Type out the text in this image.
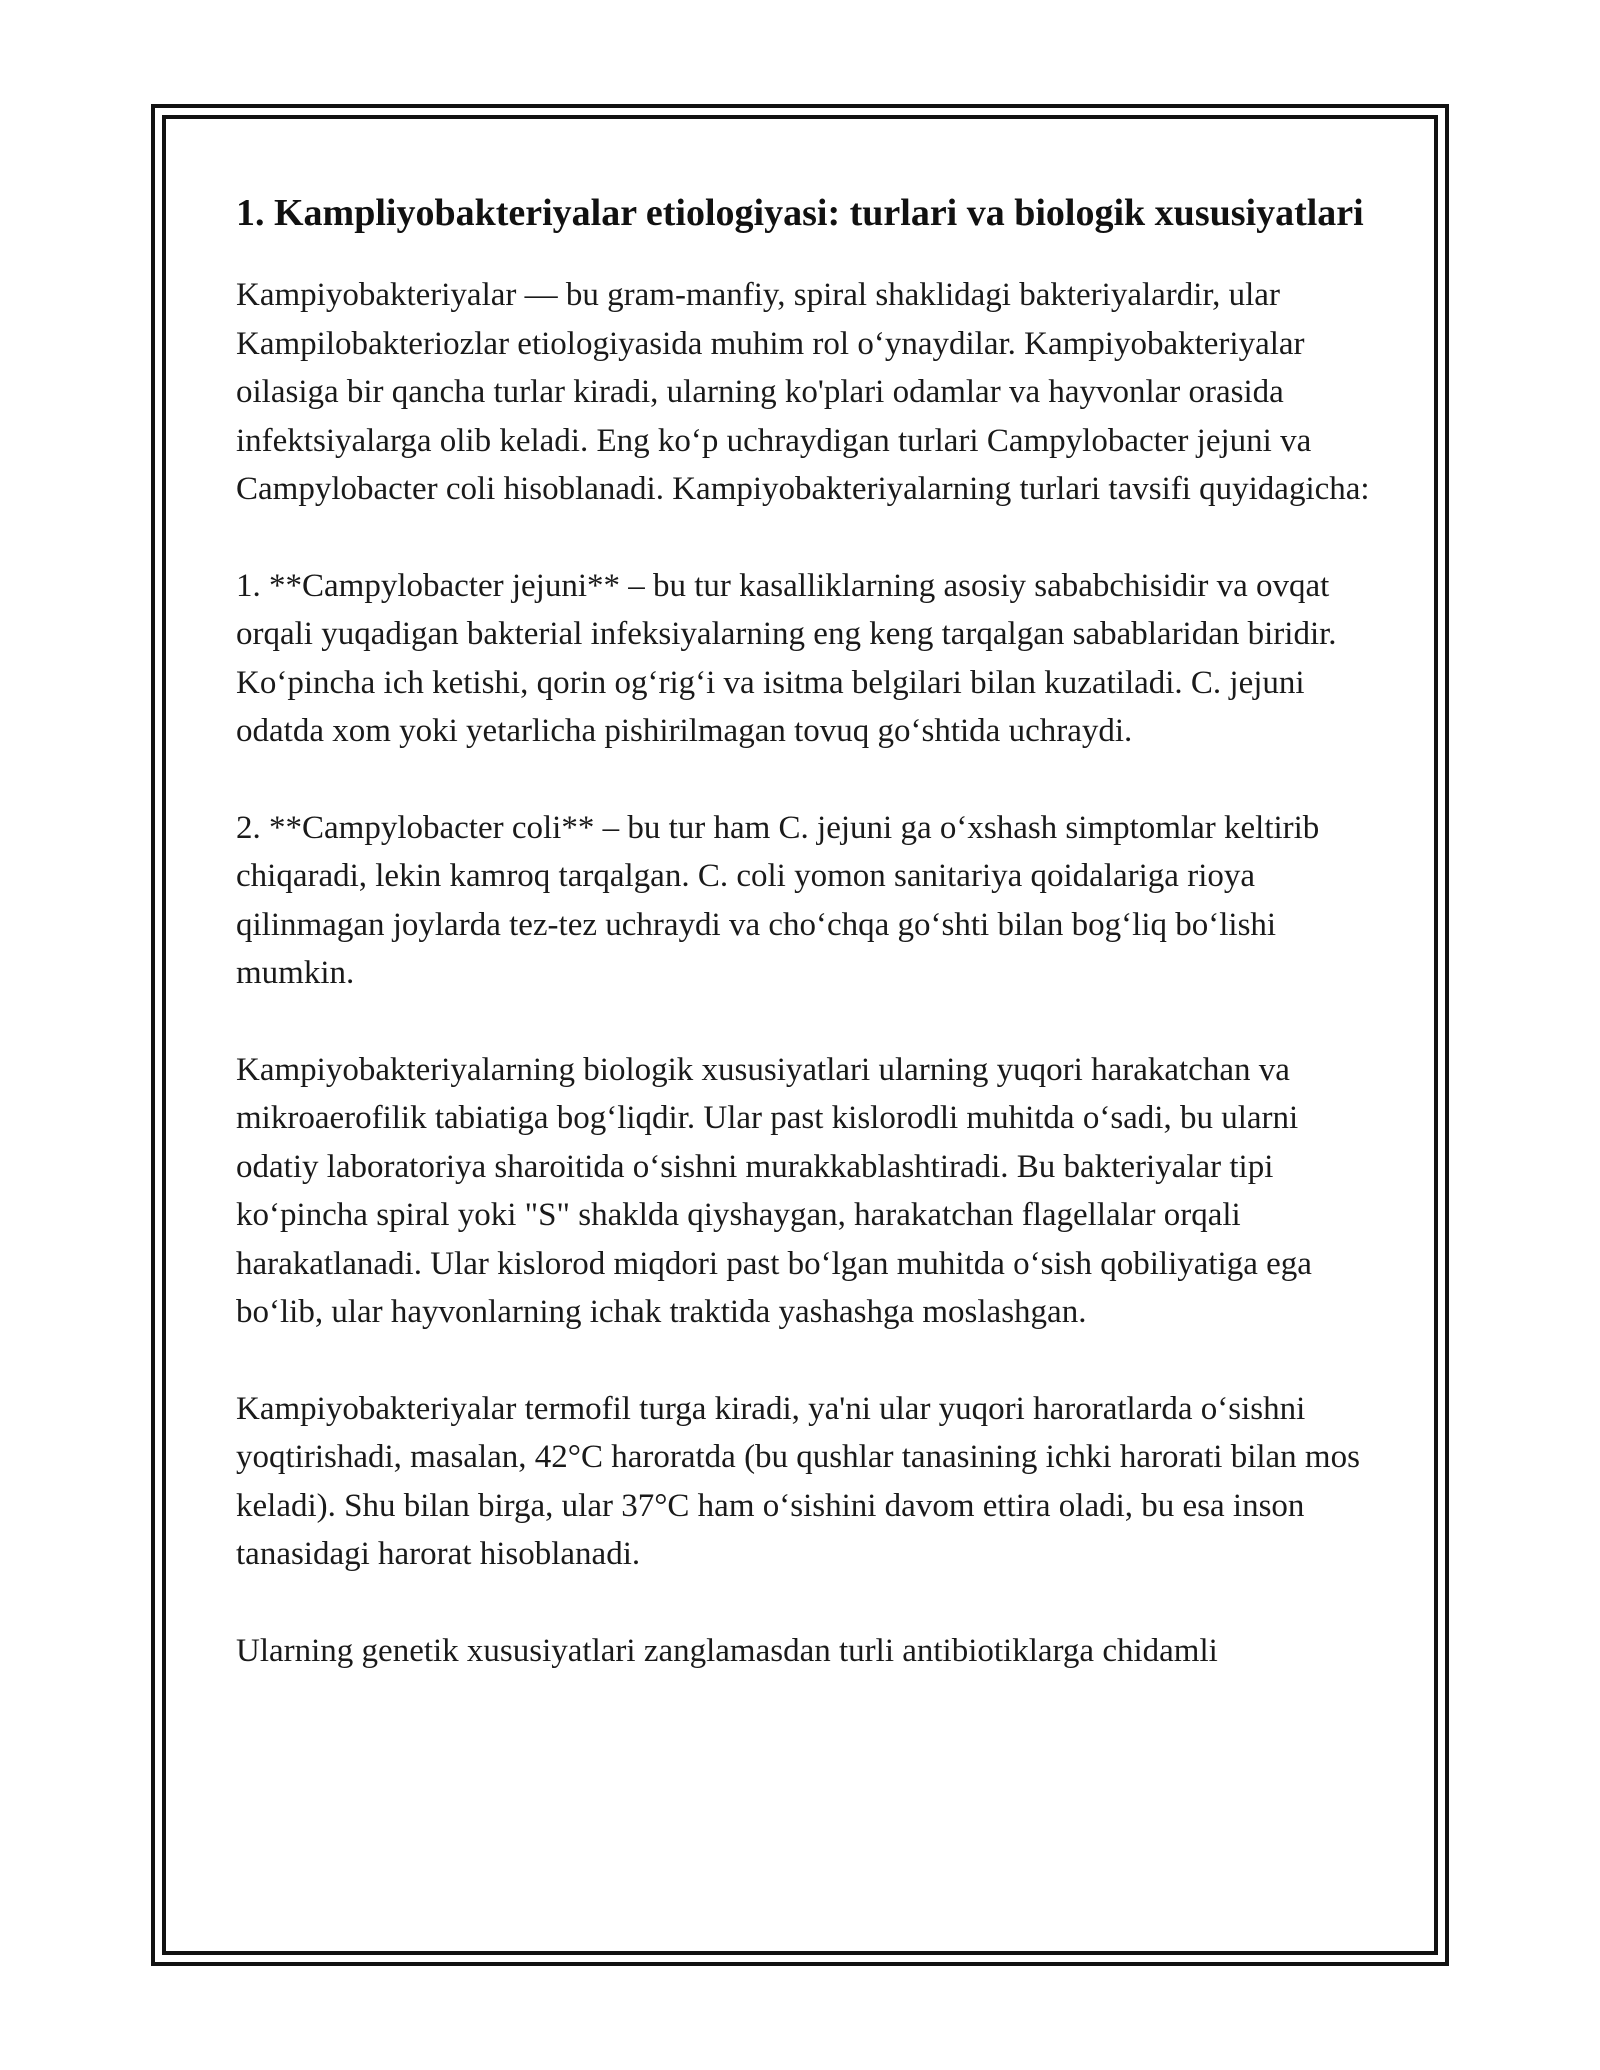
1. Kampliyobakteriyalar etiologiyasi: turlari va biologik xususiyatlari

Kampiyobakteriyalar — bu gram-manfiy, spiral shaklidagi bakteriyalardir, ular Kampilobakteriozlar etiologiyasida muhim rol oʻynaydilar. Kampiyobakteriyalar oilasiga bir qancha turlar kiradi, ularning ko'plari odamlar va hayvonlar orasida infektsiyalarga olib keladi. Eng koʻp uchraydigan turlari Campylobacter jejuni va Campylobacter coli hisoblanadi. Kampiyobakteriyalarning turlari tavsifi quyidagicha:

1. **Campylobacter jejuni** – bu tur kasalliklarning asosiy sababchisidir va ovqat orqali yuqadigan bakterial infeksiyalarning eng keng tarqalgan sabablaridan biridir. Koʻpincha ich ketishi, qorin ogʻrigʻi va isitma belgilari bilan kuzatiladi. C. jejuni odatda xom yoki yetarlicha pishirilmagan tovuq goʻshtida uchraydi.

2. **Campylobacter coli** – bu tur ham C. jejuni ga oʻxshash simptomlar keltirib chiqaradi, lekin kamroq tarqalgan. C. coli yomon sanitariya qoidalariga rioya qilinmagan joylarda tez-tez uchraydi va choʻchqa goʻshti bilan bogʻliq boʻlishi mumkin.

Kampiyobakteriyalarning biologik xususiyatlari ularning yuqori harakatchan va mikroaerofilik tabiatiga bogʻliqdir. Ular past kislorodli muhitda oʻsadi, bu ularni odatiy laboratoriya sharoitida oʻsishni murakkablashtiradi. Bu bakteriyalar tipi koʻpincha spiral yoki "S" shaklda qiyshaygan, harakatchan flagellalar orqali harakatlanadi. Ular kislorod miqdori past boʻlgan muhitda oʻsish qobiliyatiga ega boʻlib, ular hayvonlarning ichak traktida yashashga moslashgan.

Kampiyobakteriyalar termofil turga kiradi, ya'ni ular yuqori haroratlarda oʻsishni yoqtirishadi, masalan, 42°C haroratda (bu qushlar tanasining ichki harorati bilan mos keladi). Shu bilan birga, ular 37°C ham oʻsishini davom ettira oladi, bu esa inson tanasidagi harorat hisoblanadi.

Ularning genetik xususiyatlari zanglamasdan turli antibiotiklarga chidamli
